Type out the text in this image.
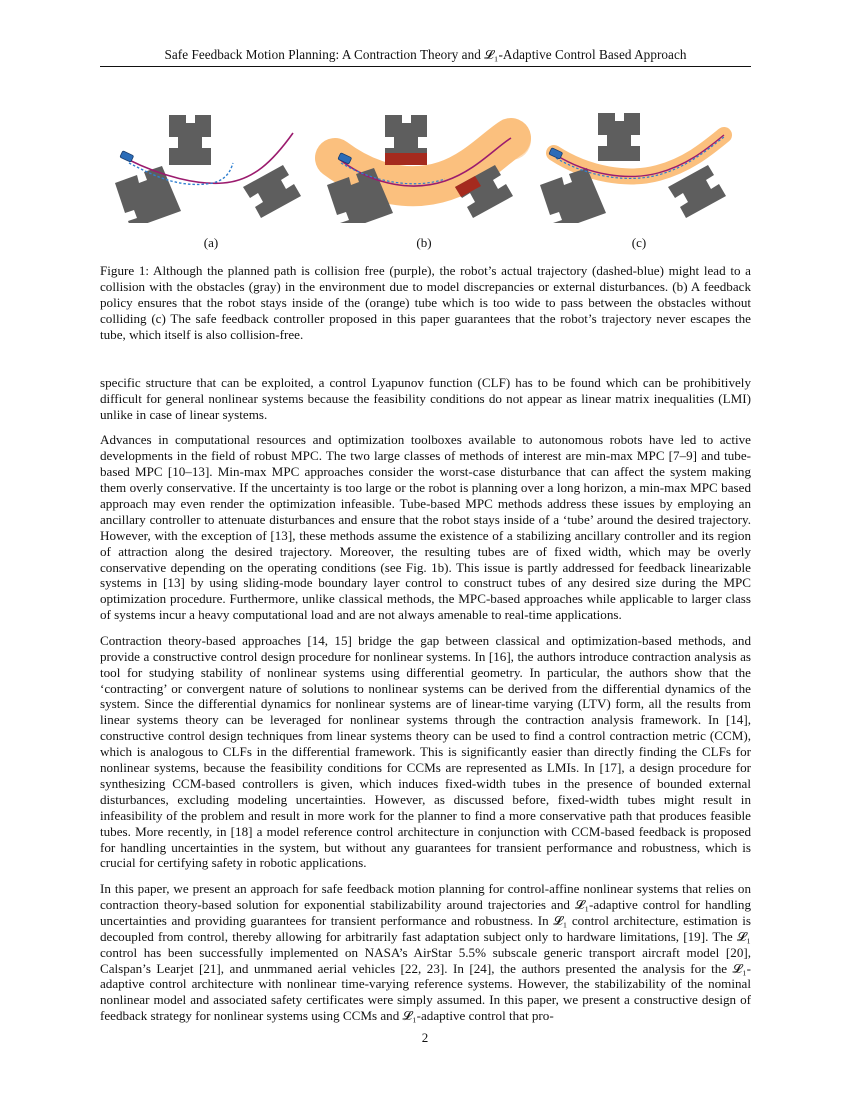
Safe Feedback Motion Planning: A Contraction Theory and 𝓛₁-Adaptive Control Based Approach
(a)	(b)	(c)
Figure 1: Although the planned path is collision free (purple), the robot’s actual trajectory (dashed-blue) might lead to a collision with the obstacles (gray) in the environment due to model discrepancies or external disturbances. (b) A feedback policy ensures that the robot stays inside of the (orange) tube which is too wide to pass between the obstacles without colliding (c) The safe feedback controller proposed in this paper guarantees that the robot’s trajectory never escapes the tube, which itself is also collision-free.

specific structure that can be exploited, a control Lyapunov function (CLF) has to be found which can be prohibitively difficult for general nonlinear systems because the feasibility conditions do not appear as linear matrix inequalities (LMI) unlike in case of linear systems.

Advances in computational resources and optimization toolboxes available to autonomous robots have led to active developments in the field of robust MPC. The two large classes of methods of interest are min-max MPC [7–9] and tube-based MPC [10–13]. Min-max MPC approaches consider the worst-case disturbance that can affect the system making them overly conservative. If the uncertainty is too large or the robot is planning over a long horizon, a min-max MPC based approach may even render the optimization infeasible. Tube-based MPC methods address these issues by employing an ancillary controller to attenuate disturbances and ensure that the robot stays inside of a ‘tube’ around the desired trajectory. However, with the exception of [13], these methods assume the existence of a stabilizing ancillary controller and its region of attraction along the desired trajectory. Moreover, the resulting tubes are of fixed width, which may be overly conservative depending on the operating conditions (see Fig. 1b). This issue is partly addressed for feedback linearizable systems in [13] by using sliding-mode boundary layer control to construct tubes of any desired size during the MPC optimization procedure. Furthermore, unlike classical methods, the MPC-based approaches while applicable to larger class of systems incur a heavy computational load and are not always amenable to real-time applications.

Contraction theory-based approaches [14, 15] bridge the gap between classical and optimization-based methods, and provide a constructive control design procedure for nonlinear systems. In [16], the authors introduce contraction analysis as tool for studying stability of nonlinear systems using differential geometry. In particular, the authors show that the ‘contracting’ or convergent nature of solutions to nonlinear systems can be derived from the differential dynamics of the system. Since the differential dynamics for nonlinear systems are of linear-time varying (LTV) form, all the results from linear systems theory can be leveraged for nonlinear systems through the contraction analysis framework. In [14], constructive control design techniques from linear systems theory can be used to find a control contraction metric (CCM), which is analogous to CLFs in the differential framework. This is significantly easier than directly finding the CLFs for nonlinear systems, because the feasibility conditions for CCMs are represented as LMIs. In [17], a design procedure for synthesizing CCM-based controllers is given, which induces fixed-width tubes in the presence of bounded external disturbances, excluding modeling uncertainties. However, as discussed before, fixed-width tubes might result in infeasibility of the problem and result in more work for the planner to find a more conservative path that produces feasible tubes. More recently, in [18] a model reference control architecture in conjunction with CCM-based feedback is proposed for handling uncertainties in the system, but without any guarantees for transient performance and robustness, which is crucial for certifying safety in robotic applications.

In this paper, we present an approach for safe feedback motion planning for control-affine nonlinear systems that relies on contraction theory-based solution for exponential stabilizability around trajectories and 𝓛₁-adaptive control for handling uncertainties and providing guarantees for transient performance and robustness. In 𝓛₁ control architecture, estimation is decoupled from control, thereby allowing for arbitrarily fast adaptation subject only to hardware limitations, [19]. The 𝓛₁ control has been successfully implemented on NASA’s AirStar 5.5% subscale generic transport aircraft model [20], Calspan’s Learjet [21], and unmmaned aerial vehicles [22, 23]. In [24], the authors presented the analysis for the 𝓛₁-adaptive control architecture with nonlinear time-varying reference systems. However, the stabilizability of the nominal nonlinear model and associated safety certificates were simply assumed. In this paper, we present a constructive design of feedback strategy for nonlinear systems using CCMs and 𝓛₁-adaptive control that pro-

2
